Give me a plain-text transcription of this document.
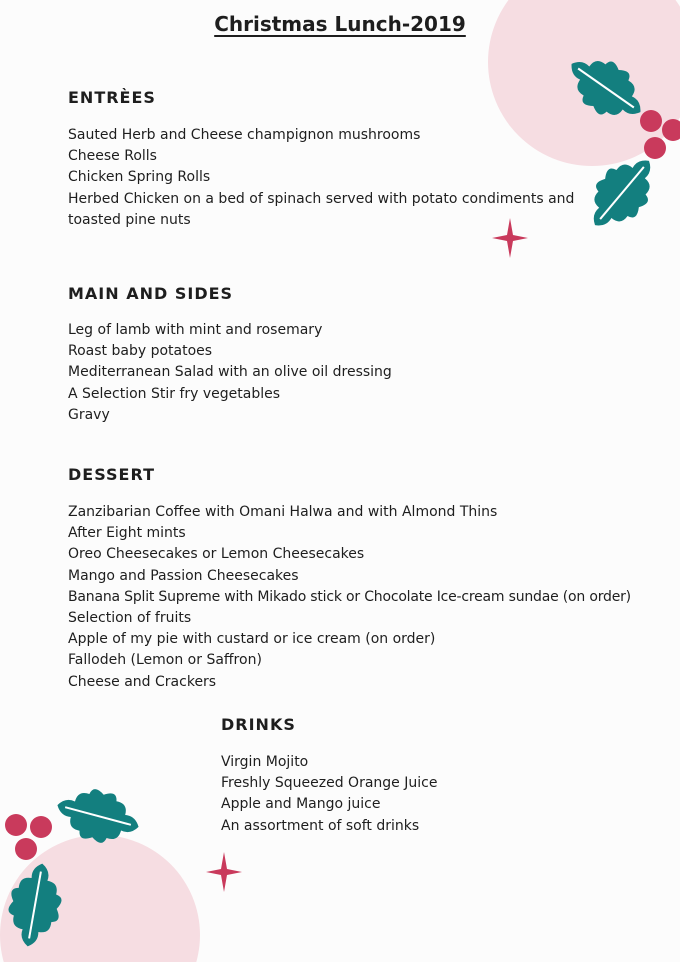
Christmas Lunch-2019
ENTRÈES
Sauted Herb and Cheese champignon mushrooms
Cheese Rolls
Chicken Spring Rolls
Herbed Chicken on a bed of spinach served with potato condiments and toasted pine nuts
MAIN AND SIDES
Leg of lamb with mint and rosemary
Roast baby potatoes
Mediterranean Salad with an olive oil dressing
A Selection Stir fry vegetables
Gravy
DESSERT
Zanzibarian Coffee with Omani Halwa and with Almond Thins
After Eight mints
Oreo Cheesecakes or Lemon Cheesecakes
Mango and Passion Cheesecakes
Banana Split Supreme with Mikado stick or Chocolate Ice-cream sundae (on order)
Selection of fruits
Apple of my pie with custard or ice cream (on order)
Fallodeh (Lemon or Saffron)
Cheese and Crackers
DRINKS
Virgin Mojito
Freshly Squeezed Orange Juice
Apple and Mango juice
An assortment of soft drinks
